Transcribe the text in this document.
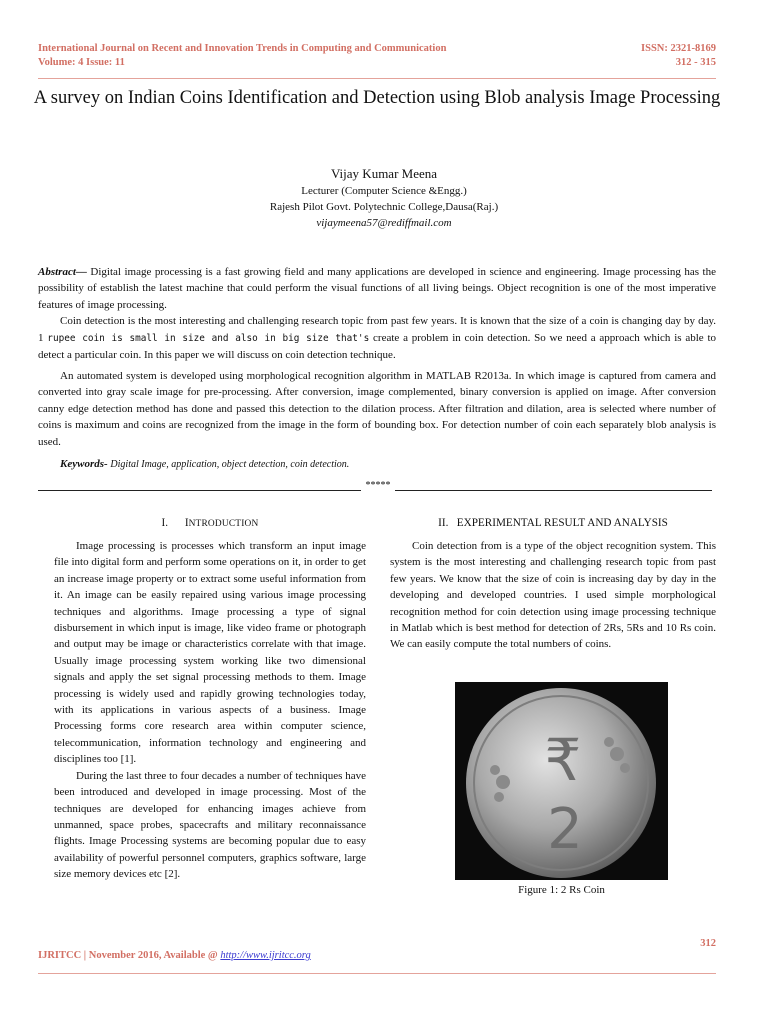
International Journal on Recent and Innovation Trends in Computing and Communication
Volume: 4 Issue: 11
ISSN: 2321-8169
312 - 315
A survey on Indian Coins Identification and Detection using Blob analysis Image Processing
Vijay Kumar Meena
Lecturer (Computer Science &Engg.)
Rajesh Pilot Govt. Polytechnic College,Dausa(Raj.)
vijaymeena57@rediffmail.com

Abstract— Digital image processing is a fast growing field and many applications are developed in science and engineering. Image processing has the possibility of establish the latest machine that could perform the visual functions of all living beings. Object recognition is one of the most imperative features of image processing.

Coin detection is the most interesting and challenging research topic from past few years. It is known that the size of a coin is changing day by day. 1 rupee coin is small in size and also in big size that's create a problem in coin detection. So we need a approach which is able to detect a particular coin. In this paper we will discuss on coin detection technique.

An automated system is developed using morphological recognition algorithm in MATLAB R2013a. In which image is captured from camera and converted into gray scale image for pre-processing. After conversion, image complemented, binary conversion is applied on image. After conversion canny edge detection method has done and passed this detection to the dilation process. After filtration and dilation, area is selected where number of coins is maximum and coins are recognized from the image in the form of bounding box. For detection number of coin each separately blob analysis is used.
Keywords- Digital Image, application, object detection, coin detection.
*****
I. INTRODUCTION	II. EXPERIMENTAL RESULT AND ANALYSIS

Image processing is processes which transform an input image file into digital form and perform some operations on it, in order to get an increase image property or to extract some useful information from it. An image can be easily repaired using various image processing techniques and algorithms. Image processing a type of signal disbursement in which input is image, like video frame or photograph and output may be image or characteristics correlate with that image. Usually image processing system working like two dimensional signals and apply the set signal processing methods to them. Image processing is widely used and rapidly growing technologies today, with its applications in various aspects of a business. Image Processing forms core research area within computer science, telecommunication, information technology and engineering and disciplines too [1].

During the last three to four decades a number of techniques have been introduced and developed in image processing. Most of the techniques are developed for enhancing images achieve from unmanned, space probes, spacecrafts and military reconnaissance flights. Image Processing systems are becoming popular due to easy availability of powerful personnel computers, graphics software, large size memory devices etc [2].

Coin detection from is a type of the object recognition system. This system is the most interesting and challenging research topic from past few years. We know that the size of coin is increasing day by day in the developing and developed countries. I used simple morphological recognition method for coin detection using image processing technique in Matlab which is best method for detection of 2Rs, 5Rs and 10 Rs coin. We can easily compute the total numbers of coins.

₹
2
Figure 1: 2 Rs Coin
312
IJRITCC | November 2016, Available @ http://www.ijritcc.org
